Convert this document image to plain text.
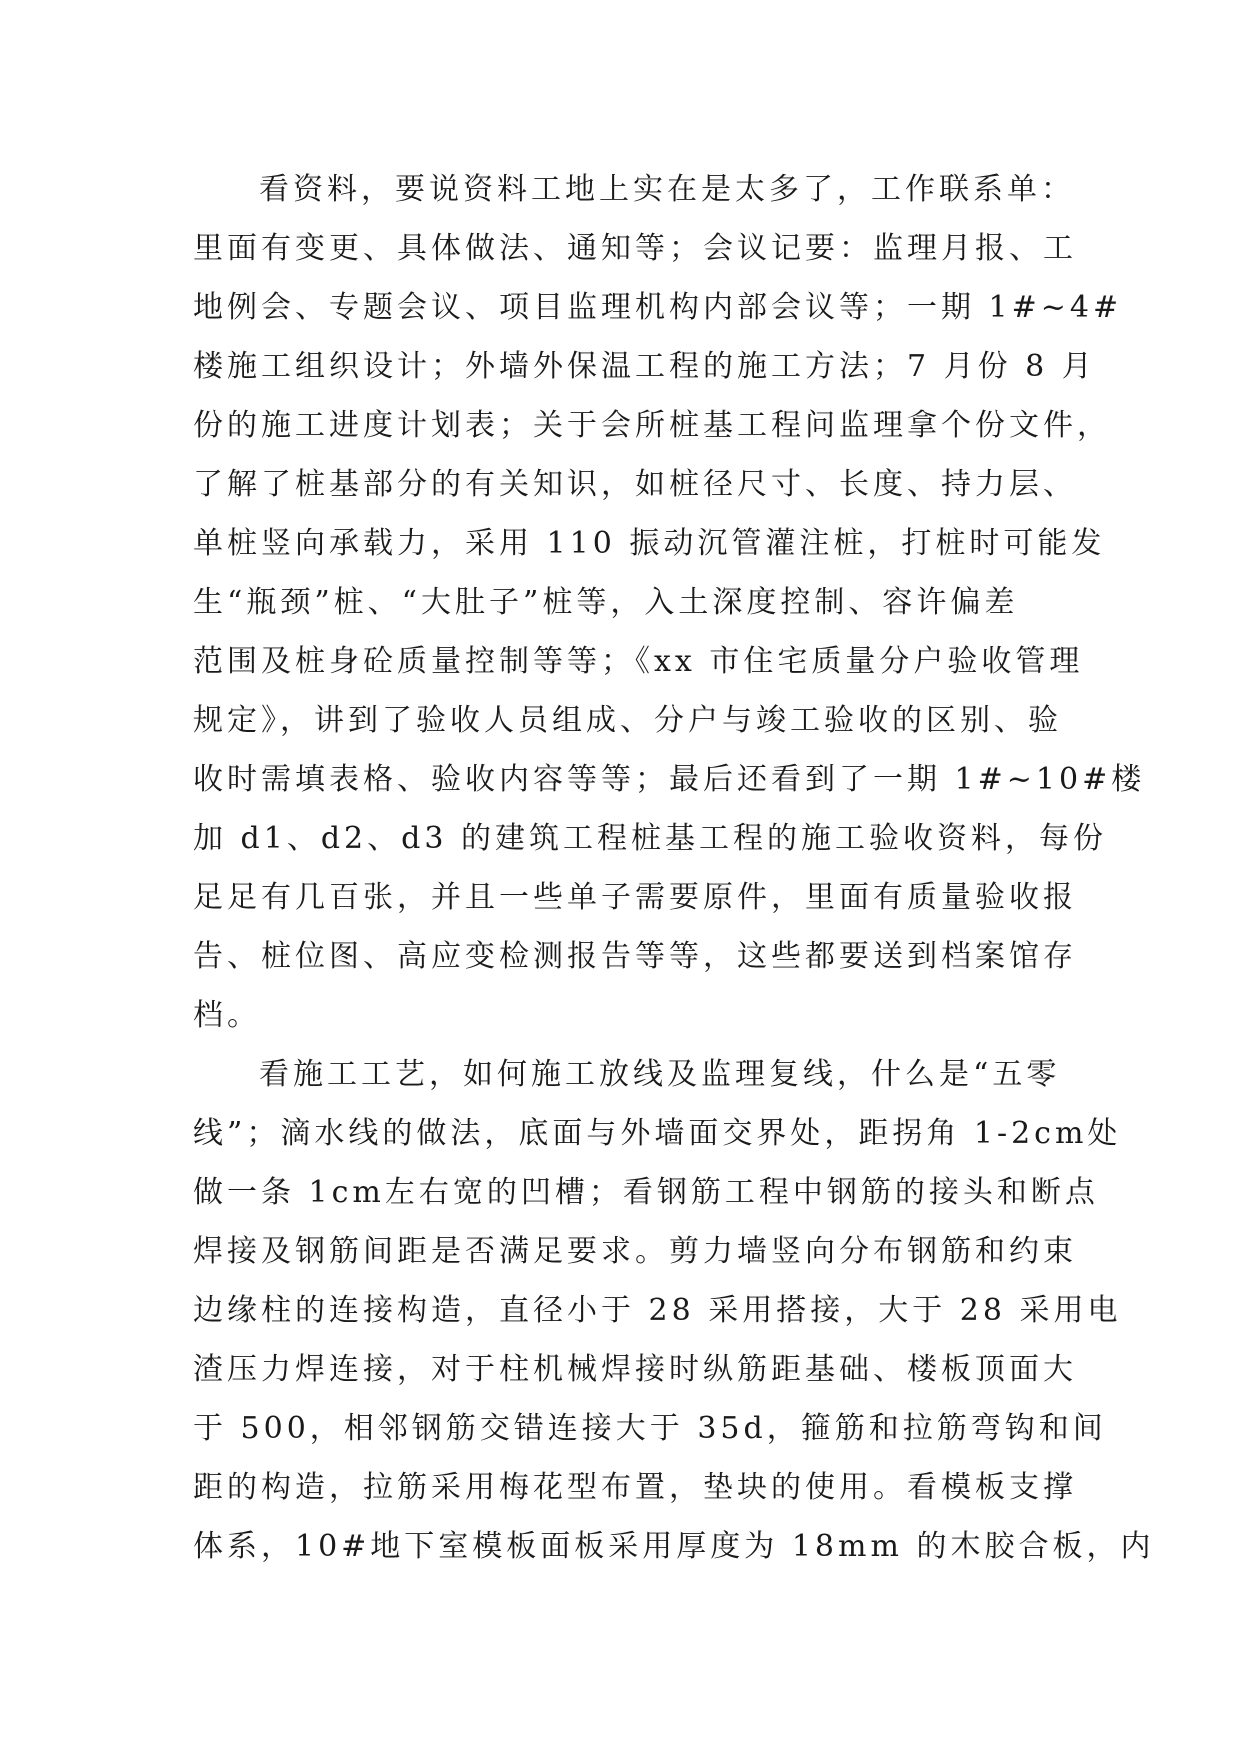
看资料，要说资料工地上实在是太多了，工作联系单：
里面有变更、具体做法、通知等；会议记要：监理月报、工
地例会、专题会议、项目监理机构内部会议等；一期 1#~4#
楼施工组织设计；外墙外保温工程的施工方法；7 月份 8 月
份的施工进度计划表；关于会所桩基工程问监理拿个份文件，
了解了桩基部分的有关知识，如桩径尺寸、长度、持力层、
单桩竖向承载力，采用 110 振动沉管灌注桩，打桩时可能发
生“瓶颈”桩、“大肚子”桩等，入土深度控制、容许偏差
范围及桩身砼质量控制等等；《xx 市住宅质量分户验收管理
规定》，讲到了验收人员组成、分户与竣工验收的区别、验
收时需填表格、验收内容等等；最后还看到了一期 1#~10#楼
加 d1、d2、d3 的建筑工程桩基工程的施工验收资料，每份
足足有几百张，并且一些单子需要原件，里面有质量验收报
告、桩位图、高应变检测报告等等，这些都要送到档案馆存
档。

看施工工艺，如何施工放线及监理复线，什么是“五零
线”；滴水线的做法，底面与外墙面交界处，距拐角 1-2cm处
做一条 1cm左右宽的凹槽；看钢筋工程中钢筋的接头和断点
焊接及钢筋间距是否满足要求。剪力墙竖向分布钢筋和约束
边缘柱的连接构造，直径小于 28 采用搭接，大于 28 采用电
渣压力焊连接，对于柱机械焊接时纵筋距基础、楼板顶面大
于 500，相邻钢筋交错连接大于 35d，箍筋和拉筋弯钩和间
距的构造，拉筋采用梅花型布置，垫块的使用。看模板支撑
体系，10#地下室模板面板采用厚度为 18mm 的木胶合板，内
